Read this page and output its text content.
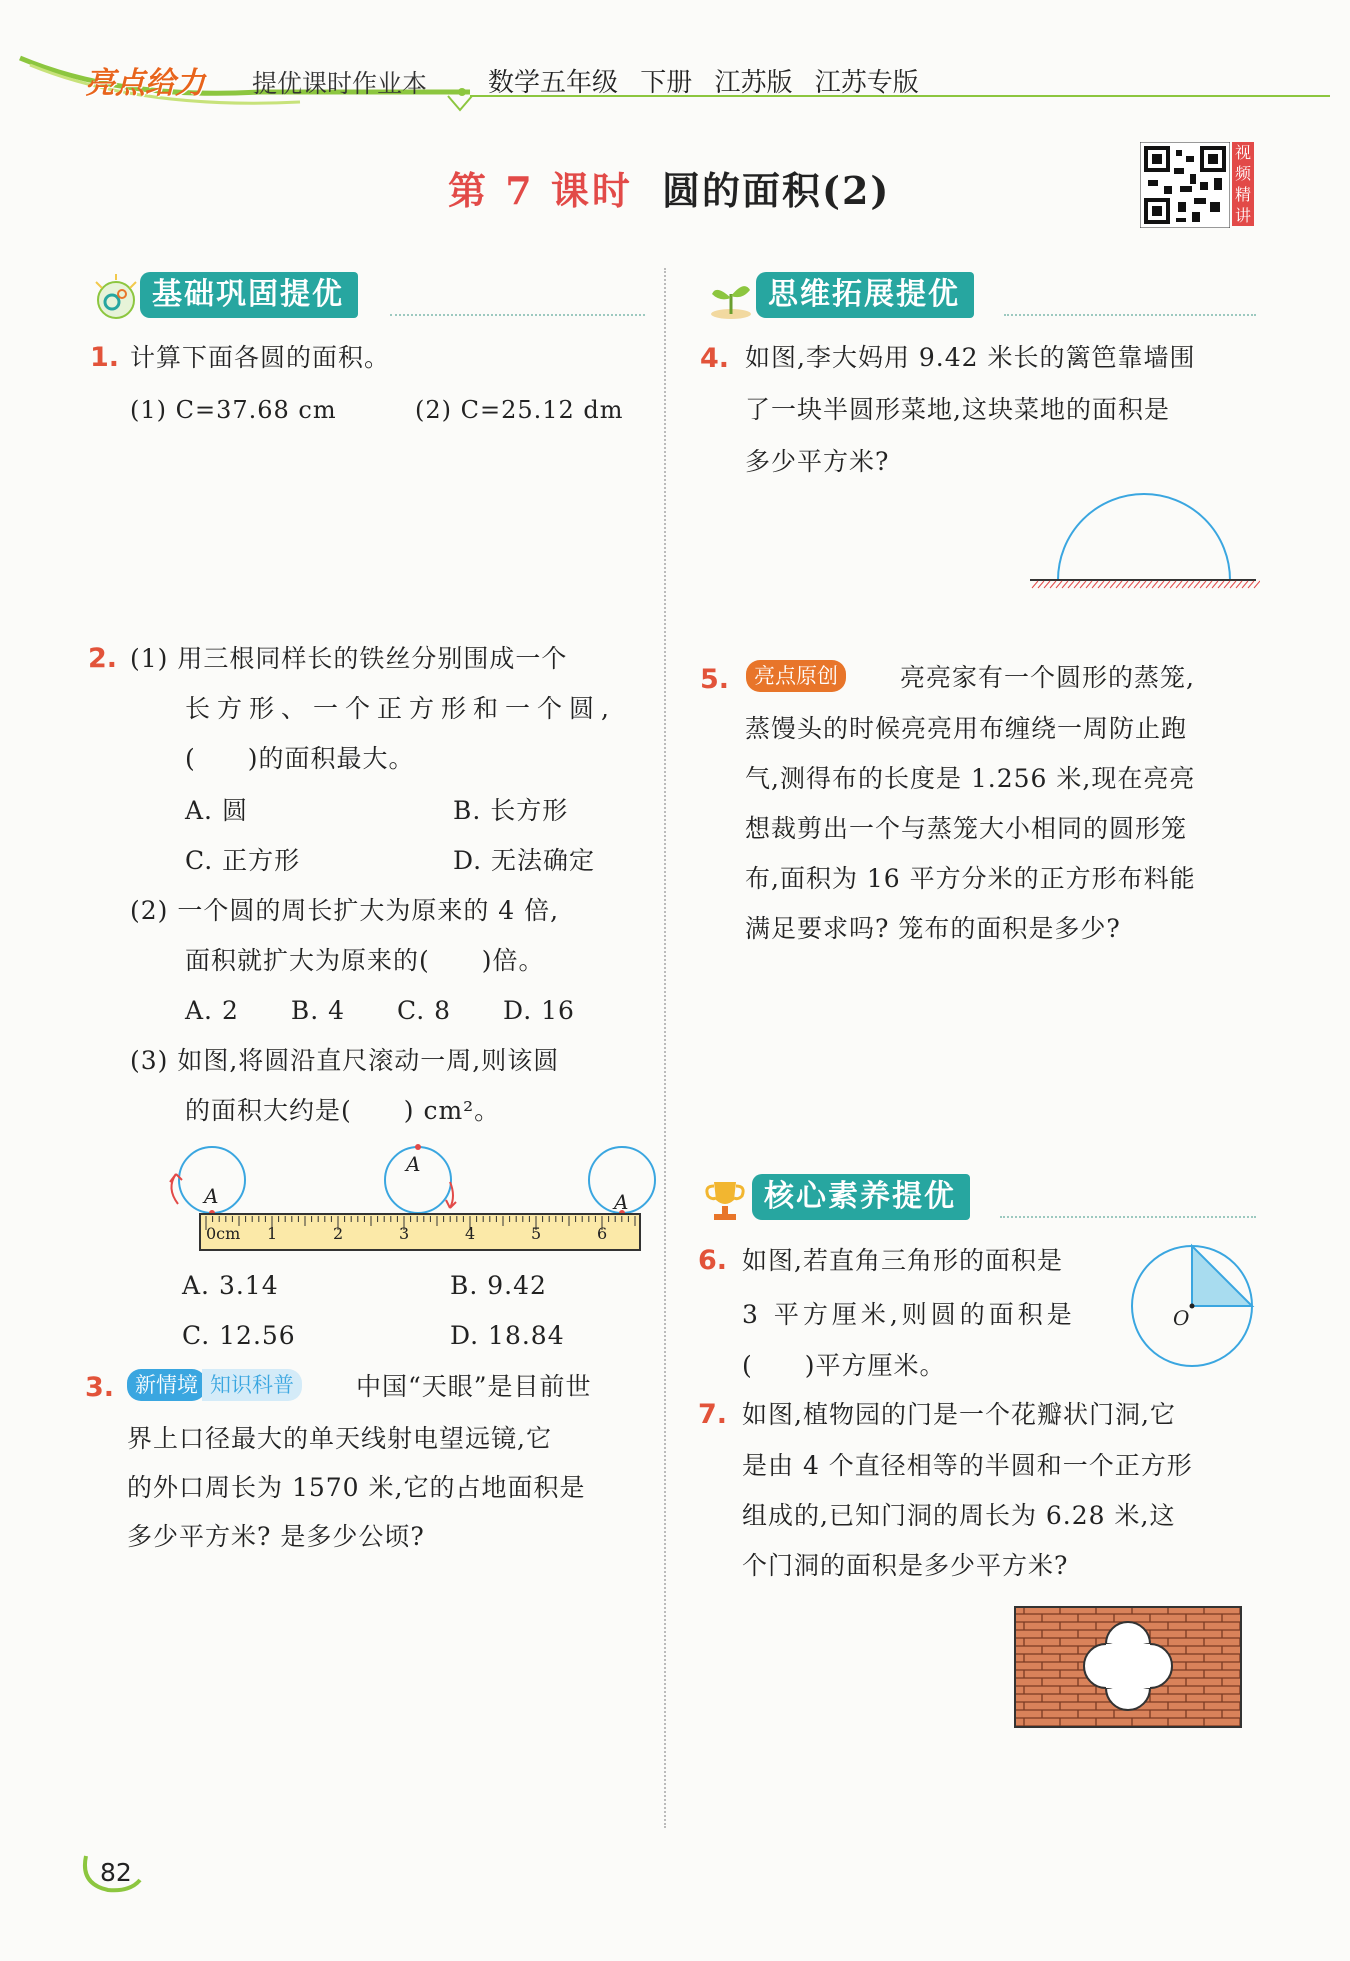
亮点给力 提优课时作业本 数学五年级 下册 江苏版 江苏专版
第 7 课时 圆的面积(2)
视频精讲
基础巩固提优
1. 计算下面各圆的面积。
(1) C=37.68 cm	(2) C=25.12 dm
2. (1) 用三根同样长的铁丝分别围成一个
长方形、一个正方形和一个圆,
(　　)的面积最大。
A. 圆	B. 长方形
C. 正方形	D. 无法确定
(2) 一个圆的周长扩大为原来的 4 倍,
面积就扩大为原来的(　　)倍。
A. 2　　B. 4　　C. 8　　D. 16
(3) 如图,将圆沿直尺滚动一周,则该圆
的面积大约是(　　) cm²。
A
A
A
0cm 1	2	3	4	5	6
A. 3.14	B. 9.42
C. 12.56	D. 18.84
3. 新情境 知识科普	中国“天眼”是目前世
界上口径最大的单天线射电望远镜,它
的外口周长为 1570 米,它的占地面积是
多少平方米? 是多少公顷?
思维拓展提优
4. 如图,李大妈用 9.42 米长的篱笆靠墙围
了一块半圆形菜地,这块菜地的面积是
多少平方米?
5.	亮点原创	亮亮家有一个圆形的蒸笼,
蒸馒头的时候亮亮用布缠绕一周防止跑
气,测得布的长度是 1.256 米,现在亮亮
想裁剪出一个与蒸笼大小相同的圆形笼
布,面积为 16 平方分米的正方形布料能
满足要求吗? 笼布的面积是多少?
核心素养提优
6. 如图,若直角三角形的面积是
3 平方厘米,则圆的面积是
(　　)平方厘米。
O
7. 如图,植物园的门是一个花瓣状门洞,它
是由 4 个直径相等的半圆和一个正方形
组成的,已知门洞的周长为 6.28 米,这
个门洞的面积是多少平方米?
82
